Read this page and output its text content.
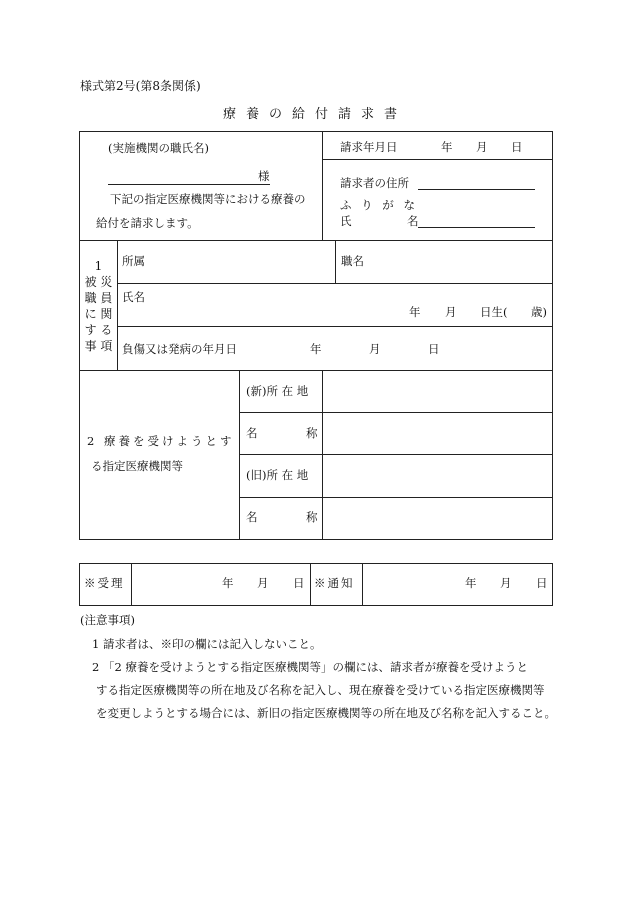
様式第2号(第8条関係)
療養の給付請求書
(実施機関の職氏名)
様
下記の指定医療機関等における療養の
給付を請求します。
請求年月日	年 月 日
請求者の住所
ふ り が な
氏	名
1
被 災
職 員
に 関
す る
事 項
所属	職名
氏名
年 月 日生( 歳)
負傷又は発病の年月日	年	月	日
2 療養を受けようとす
る指定医療機関等
(新)所 在 地
名	称
(旧)所 在 地
名	称
※受理	年 月 日 ※通知	年 月 日
(注意事項)
1 請求者は、※印の欄には記入しないこと。
2 「2 療養を受けようとする指定医療機関等」の欄には、請求者が療養を受けようと
する指定医療機関等の所在地及び名称を記入し、現在療養を受けている指定医療機関等
を変更しようとする場合には、新旧の指定医療機関等の所在地及び名称を記入すること。
